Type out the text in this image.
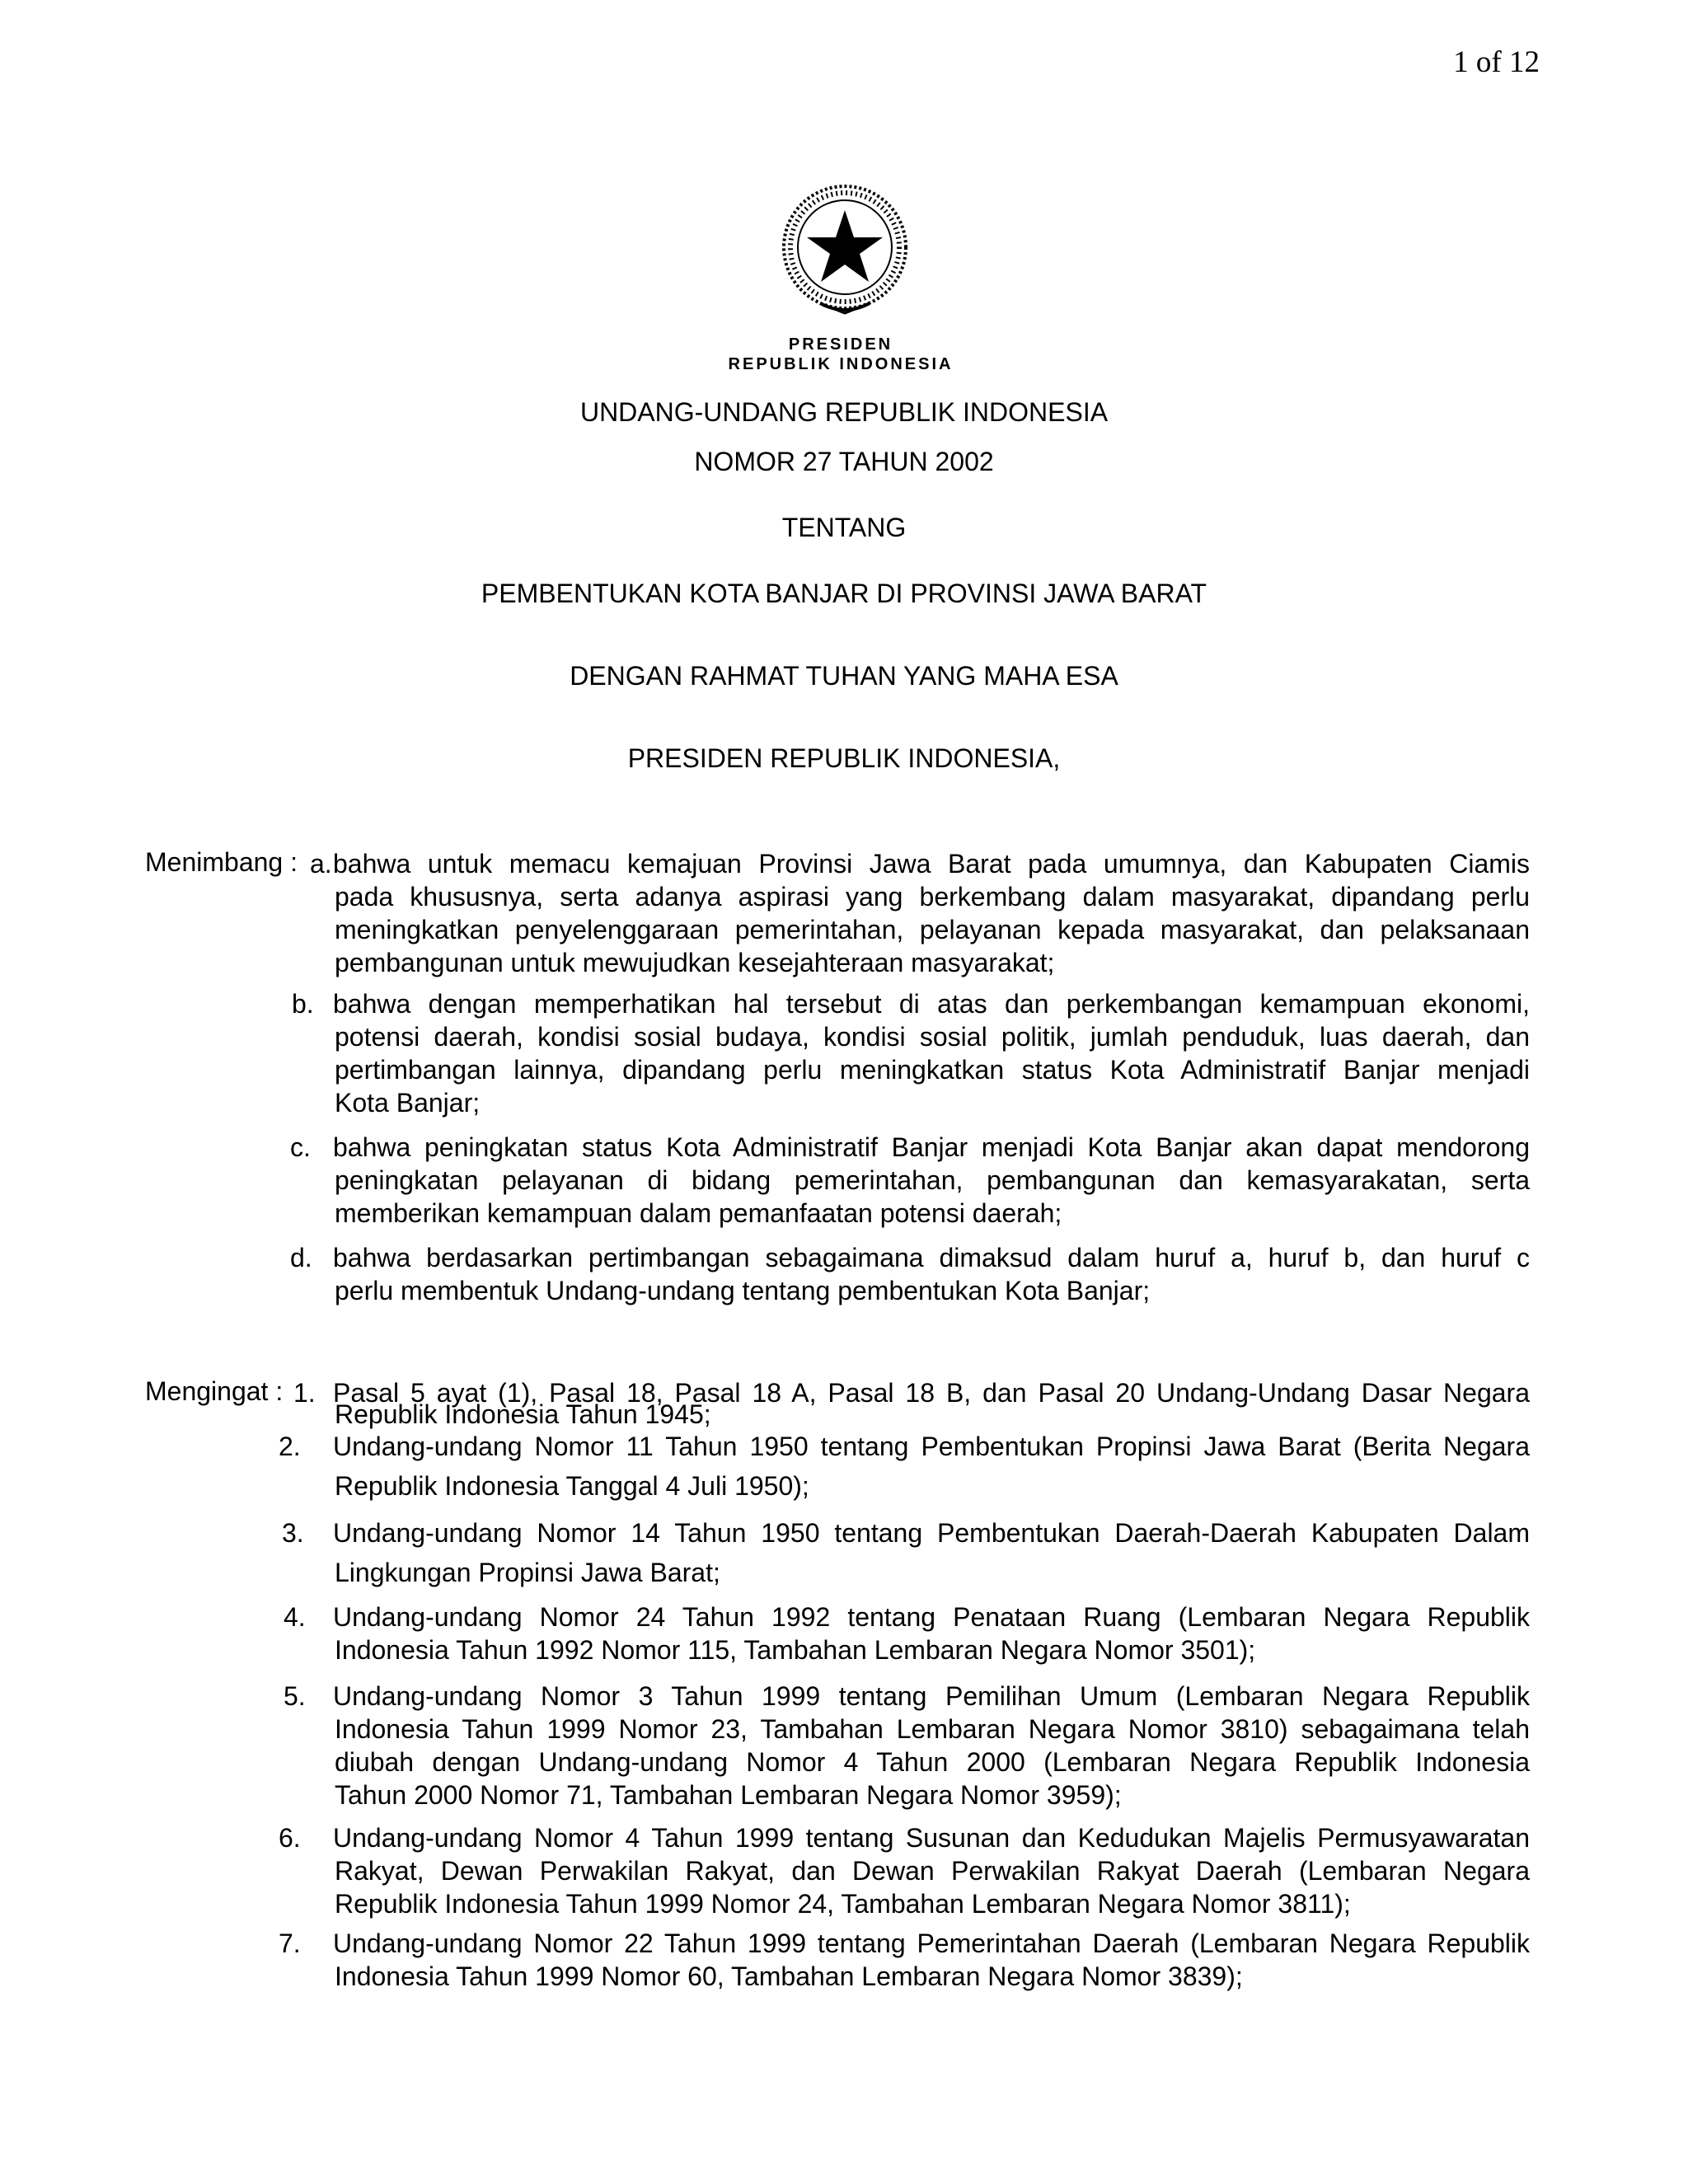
1 of 12
PRESIDEN
REPUBLIK INDONESIA
UNDANG-UNDANG REPUBLIK INDONESIA
NOMOR 27 TAHUN 2002
TENTANG
PEMBENTUKAN KOTA BANJAR DI PROVINSI JAWA BARAT
DENGAN RAHMAT TUHAN YANG MAHA ESA
PRESIDEN REPUBLIK INDONESIA,
Menimbang : a. bahwa untuk memacu kemajuan Provinsi Jawa Barat pada umumnya, dan Kabupaten Ciamis
pada khususnya, serta adanya aspirasi yang berkembang dalam masyarakat, dipandang perlu
meningkatkan penyelenggaraan pemerintahan, pelayanan kepada masyarakat, dan pelaksanaan
pembangunan untuk mewujudkan kesejahteraan masyarakat;
b. bahwa dengan memperhatikan hal tersebut di atas dan perkembangan kemampuan ekonomi,
potensi daerah, kondisi sosial budaya, kondisi sosial politik, jumlah penduduk, luas daerah, dan
pertimbangan lainnya, dipandang perlu meningkatkan status Kota Administratif Banjar menjadi
Kota Banjar;
c. bahwa peningkatan status Kota Administratif Banjar menjadi Kota Banjar akan dapat mendorong
peningkatan pelayanan di bidang pemerintahan, pembangunan dan kemasyarakatan, serta
memberikan kemampuan dalam pemanfaatan potensi daerah;
d. bahwa berdasarkan pertimbangan sebagaimana dimaksud dalam huruf a, huruf b, dan huruf c
perlu membentuk Undang-undang tentang pembentukan Kota Banjar;
Mengingat : 1. Pasal 5 ayat (1), Pasal 18, Pasal 18 A, Pasal 18 B, dan Pasal 20 Undang-Undang Dasar Negara
Republik Indonesia Tahun 1945;
2.	Undang-undang Nomor 11 Tahun 1950 tentang Pembentukan Propinsi Jawa Barat (Berita Negara
Republik Indonesia Tanggal 4 Juli 1950);
3.	Undang-undang Nomor 14 Tahun 1950 tentang Pembentukan Daerah-Daerah Kabupaten Dalam
Lingkungan Propinsi Jawa Barat;
4.	Undang-undang Nomor 24 Tahun 1992 tentang Penataan Ruang (Lembaran Negara Republik
Indonesia Tahun 1992 Nomor 115, Tambahan Lembaran Negara Nomor 3501);
5.	Undang-undang Nomor 3 Tahun 1999 tentang Pemilihan Umum (Lembaran Negara Republik
Indonesia Tahun 1999 Nomor 23, Tambahan Lembaran Negara Nomor 3810) sebagaimana telah
diubah dengan Undang-undang Nomor 4 Tahun 2000 (Lembaran Negara Republik Indonesia
Tahun 2000 Nomor 71, Tambahan Lembaran Negara Nomor 3959);
6.	Undang-undang Nomor 4 Tahun 1999 tentang Susunan dan Kedudukan Majelis Permusyawaratan
Rakyat, Dewan Perwakilan Rakyat, dan Dewan Perwakilan Rakyat Daerah (Lembaran Negara
Republik Indonesia Tahun 1999 Nomor 24, Tambahan Lembaran Negara Nomor 3811);
7.	Undang-undang Nomor 22 Tahun 1999 tentang Pemerintahan Daerah (Lembaran Negara Republik
Indonesia Tahun 1999 Nomor 60, Tambahan Lembaran Negara Nomor 3839);
